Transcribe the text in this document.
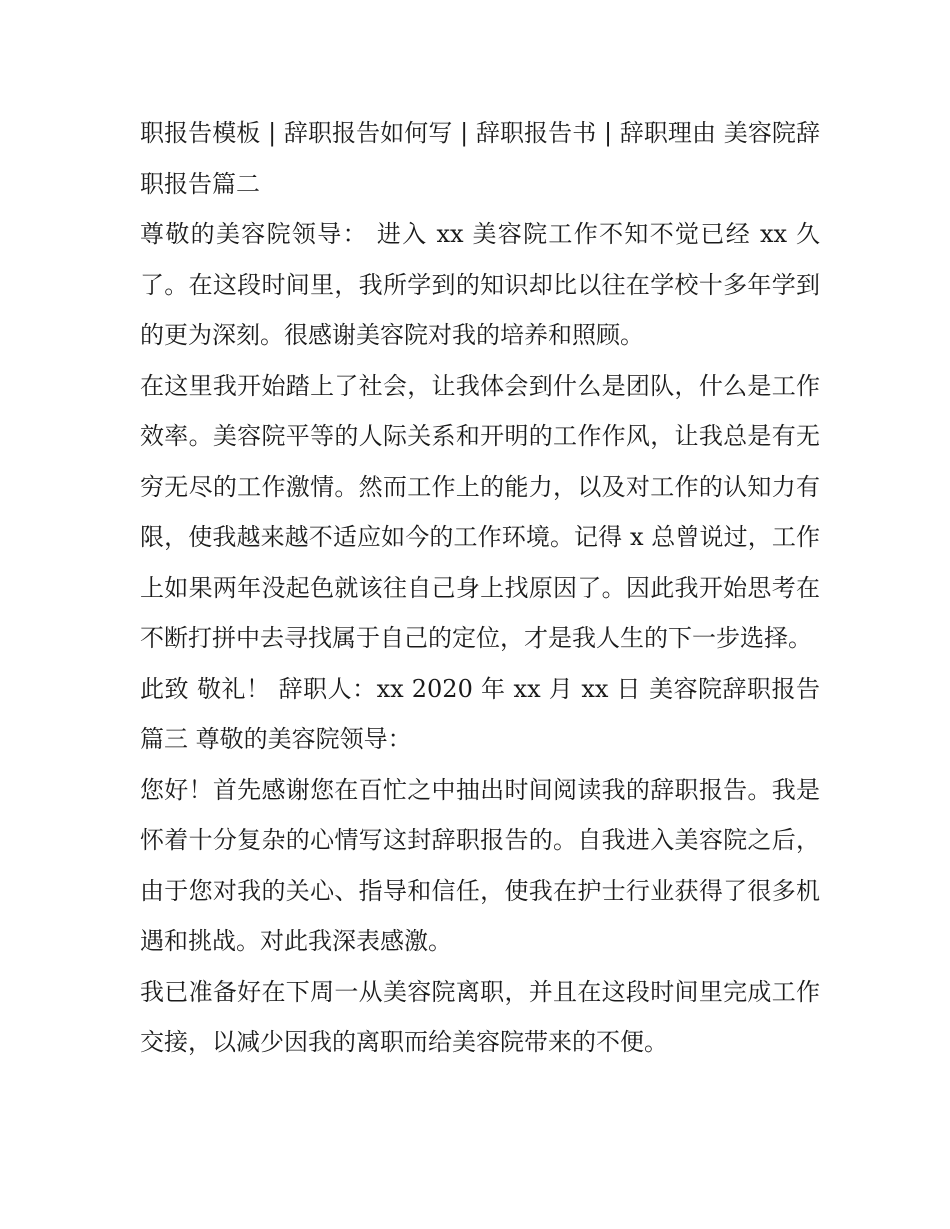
职报告模板 | 辞职报告如何写 | 辞职报告书 | 辞职理由 美容院辞职报告篇二

尊敬的美容院领导： 进入 xx 美容院工作不知不觉已经 xx 久了。在这段时间里，我所学到的知识却比以往在学校十多年学到的更为深刻。很感谢美容院对我的培养和照顾。

在这里我开始踏上了社会，让我体会到什么是团队，什么是工作效率。美容院平等的人际关系和开明的工作作风，让我总是有无穷无尽的工作激情。然而工作上的能力，以及对工作的认知力有限，使我越来越不适应如今的工作环境。记得 x 总曾说过，工作上如果两年没起色就该往自己身上找原因了。因此我开始思考在不断打拼中去寻找属于自己的定位，才是我人生的下一步选择。

此致 敬礼！ 辞职人：xx 2020 年 xx 月 xx 日 美容院辞职报告篇三 尊敬的美容院领导：

您好！首先感谢您在百忙之中抽出时间阅读我的辞职报告。我是怀着十分复杂的心情写这封辞职报告的。自我进入美容院之后，由于您对我的关心、指导和信任，使我在护士行业获得了很多机遇和挑战。对此我深表感激。

我已准备好在下周一从美容院离职，并且在这段时间里完成工作交接，以减少因我的离职而给美容院带来的不便。
